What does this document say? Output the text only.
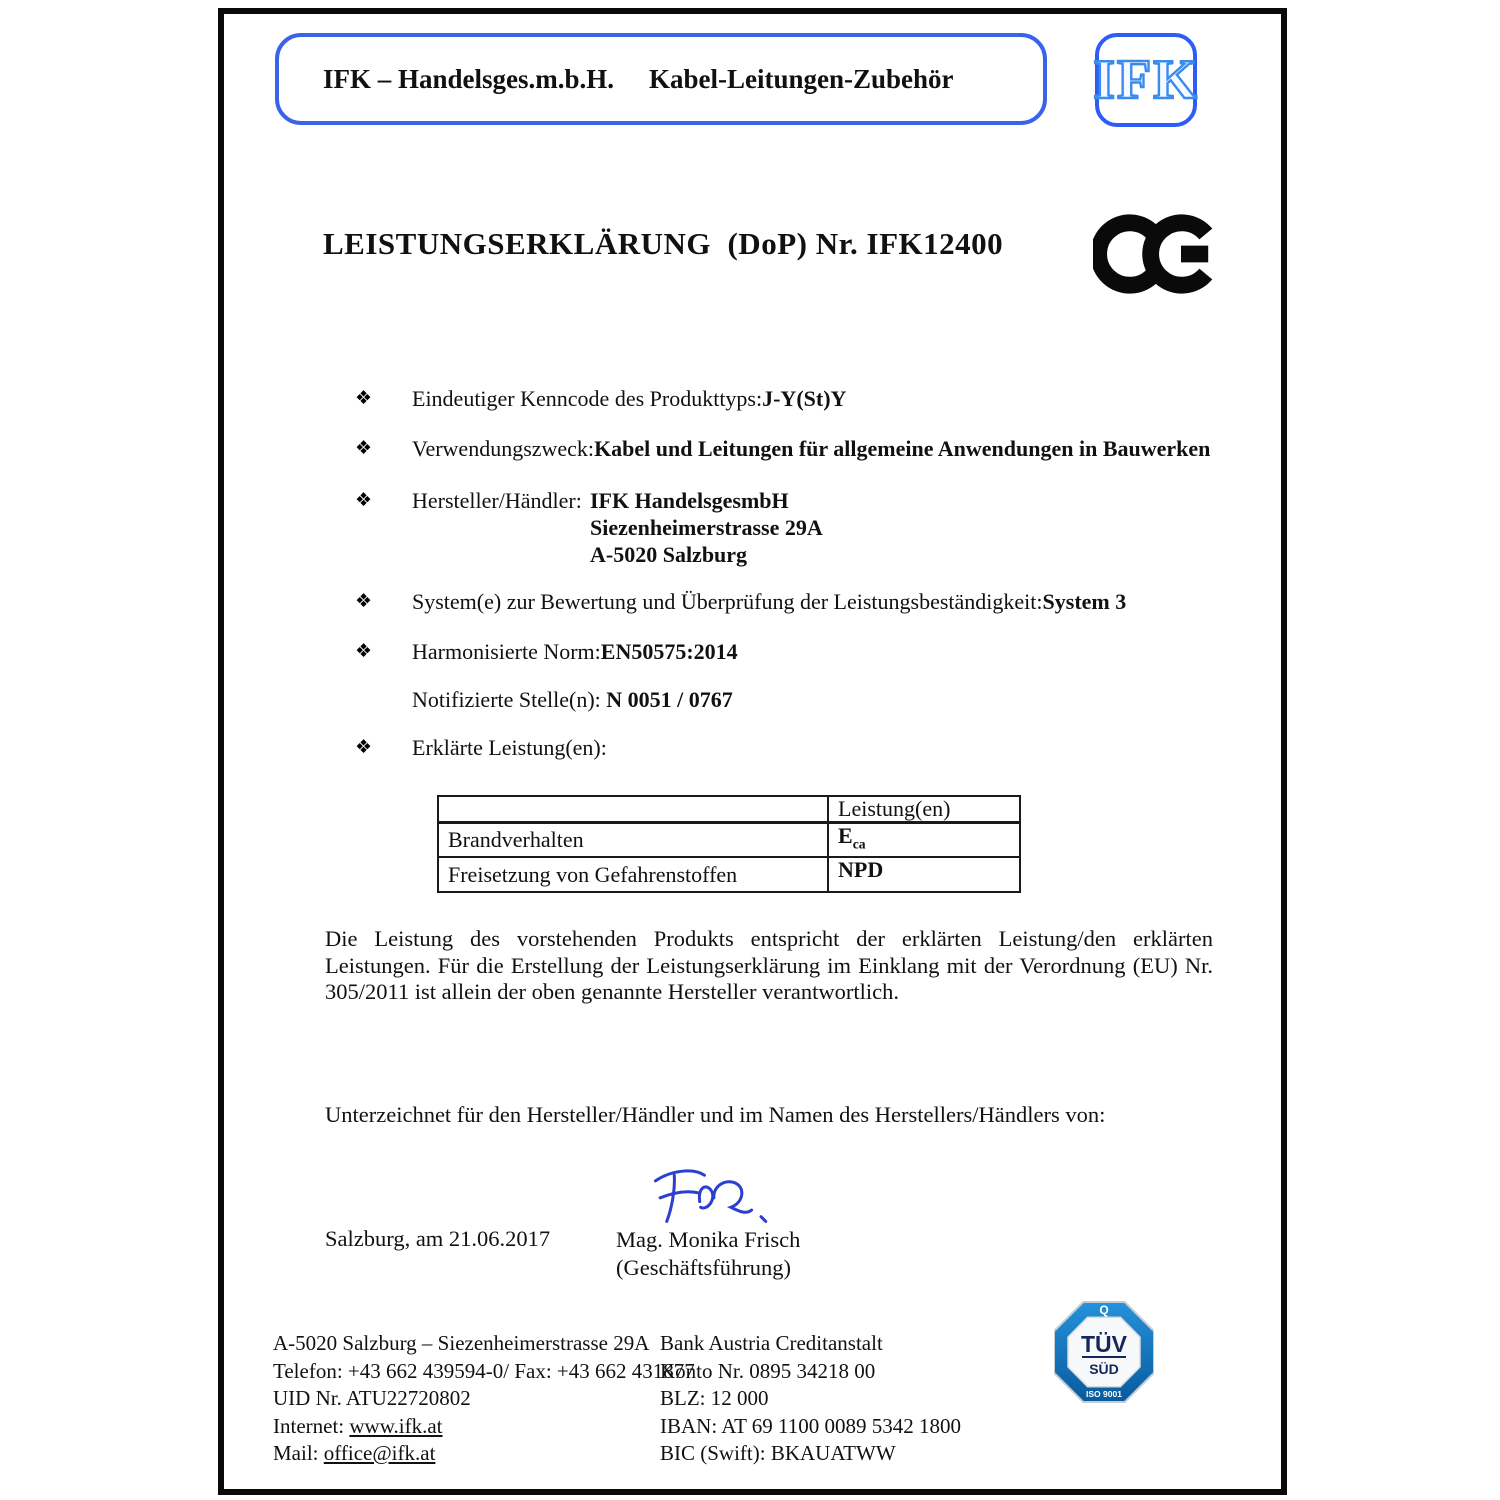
IFK – Handelsges.m.b.H. Kabel-Leitungen-Zubehör IFK
LEISTUNGSERKLÄRUNG  (DoP) Nr. IFK12400
❖	Eindeutiger Kenncode des Produkttyps: J-Y(St)Y
❖	Verwendungszweck: Kabel und Leitungen für allgemeine Anwendungen in Bauwerken
❖	Hersteller/Händler: IFK HandelsgesmbH
Siezenheimerstrasse 29A
A-5020 Salzburg
❖	System(e) zur Bewertung und Überprüfung der Leistungsbeständigkeit: System 3
❖	Harmonisierte Norm: EN50575:2014
Notifizierte Stelle(n): N 0051 / 0767
❖	Erklärte Leistung(en):
	Leistung(en)
Brandverhalten	$E_{ca}$
Freisetzung von Gefahrenstoffen	NPD

Die Leistung des vorstehenden Produkts entspricht der erklärten Leistung/den erklärten Leistungen. Für die Erstellung der Leistungserklärung im Einklang mit der Verordnung (EU) Nr. 305/2011 ist allein der oben genannte Hersteller verantwortlich.

Unterzeichnet für den Hersteller/Händler und im Namen des Herstellers/Händlers von:

Salzburg, am 21.06.2017	Mag. Monika Frisch
(Geschäftsführung)
A-5020 Salzburg – Siezenheimerstrasse 29A
Telefon: +43 662 439594-0/ Fax: +43 662 431877
UID Nr. ATU22720802
Internet: www.ifk.at
Mail: office@ifk.at
Bank Austria Creditanstalt
Konto Nr. 0895 34218 00
BLZ: 12 000
IBAN: AT 69 1100 0089 5342 1800
BIC (Swift): BKAUATWW
Q
TÜV
SÜD
ISO 9001
